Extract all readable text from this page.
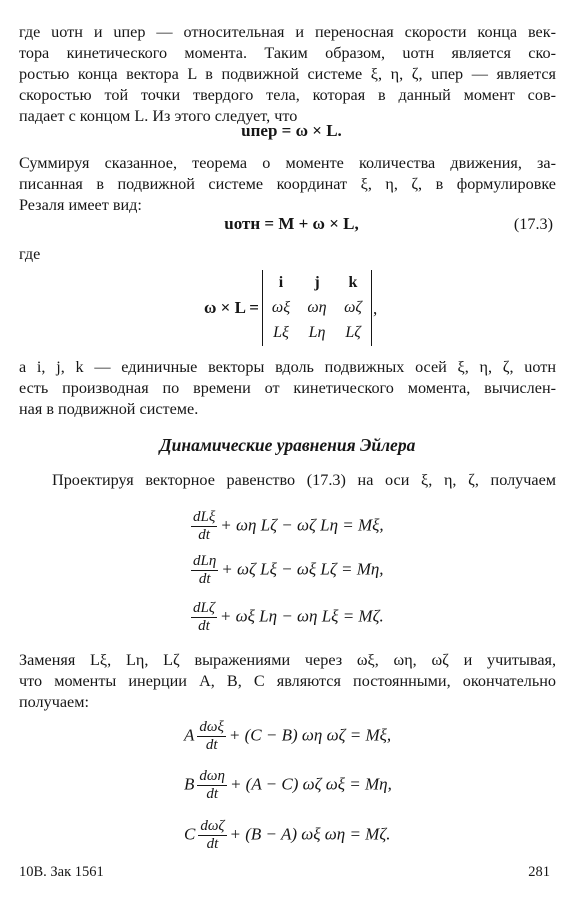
где uотн и uпер — относительная и переносная скорости конца век-
тора кинетического момента. Таким образом, uотн является ско-
ростью конца вектора L в подвижной системе ξ, η, ζ, uпер — является
скоростью той точки твердого тела, которая в данный момент сов-
падает с концом L. Из этого следует, что
uпер = ω × L.
Суммируя сказанное, теорема о моменте количества движения, за-
писанная в подвижной системе координат ξ, η, ζ, в формулировке
Резаля имеет вид:
uотн = M + ω × L,	(17.3)
где
ω × L =
i	j	k
ωξ	ωη	ωζ
Lξ	Lη	Lζ
,
а i, j, k — единичные векторы вдоль подвижных осей ξ, η, ζ, uотн
есть производная по времени от кинетического момента, вычислен-
ная в подвижной системе.
Динамические уравнения Эйлера
Проектируя векторное равенство (17.3) на оси ξ, η, ζ, получаем
$\frac{\text{dLξ}}{dt} + \omega\eta$ Lζ − ωζ Lη = Mξ,
$\frac{\text{dLη}}{dt} + \omega\zeta$ Lξ − ωξ Lζ = Mη,
$\frac{\text{dLζ}}{dt} + \omega\xi$ Lη − ωη Lξ = Mζ.
Заменяя Lξ, Lη, Lζ выражениями через ωξ, ωη, ωζ и учитывая,
что моменты инерции A, B, C являются постоянными, окончательно
получаем:
A $\frac{\text{dωξ}}{dt} + (C - B)$ ωη ωζ = Mξ,
B $\frac{\text{dωη}}{dt} + (A - C)$ ωζ ωξ = Mη,
C $\frac{\text{dωζ}}{dt} + (B - A)$ ωξ ωη = Mζ.
10В. Зак 1561	281
